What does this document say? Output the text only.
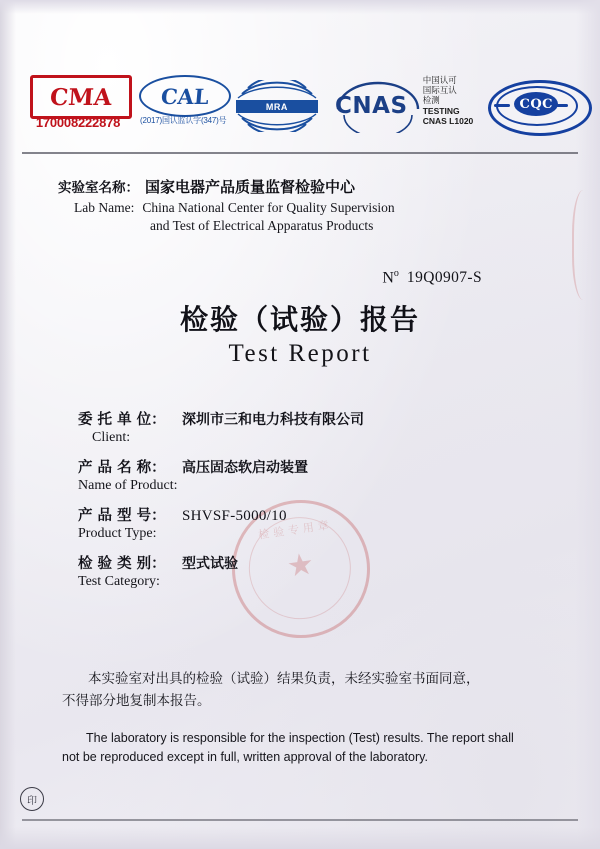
CMA
170008222878
CAL
(2017)国认监认字(347)号
MRA	CNAS
中国认可
国际互认
检测
TESTING
CNAS L1020
CQC
实验室名称： 国家电器产品质量监督检验中心
Lab Name: China National Center for Quality Supervision
and Test of Electrical Apparatus Products
$N^o$ 19Q0907-S
检验（试验）报告
Test Report
检验专用章
★
委 托 单 位：	深圳市三和电力科技有限公司
Client:
产 品 名 称：	高压固态软启动装置
Name of Product:
产 品 型 号：	SHVSF-5000/10
Product Type:
检 验 类 别：	型式试验
Test Category:
本实验室对出具的检验（试验）结果负责，未经实验室书面同意，
不得部分地复制本报告。
The laboratory is responsible for the inspection (Test) results. The report shall
not be reproduced except in full, written approval of the laboratory.
印
